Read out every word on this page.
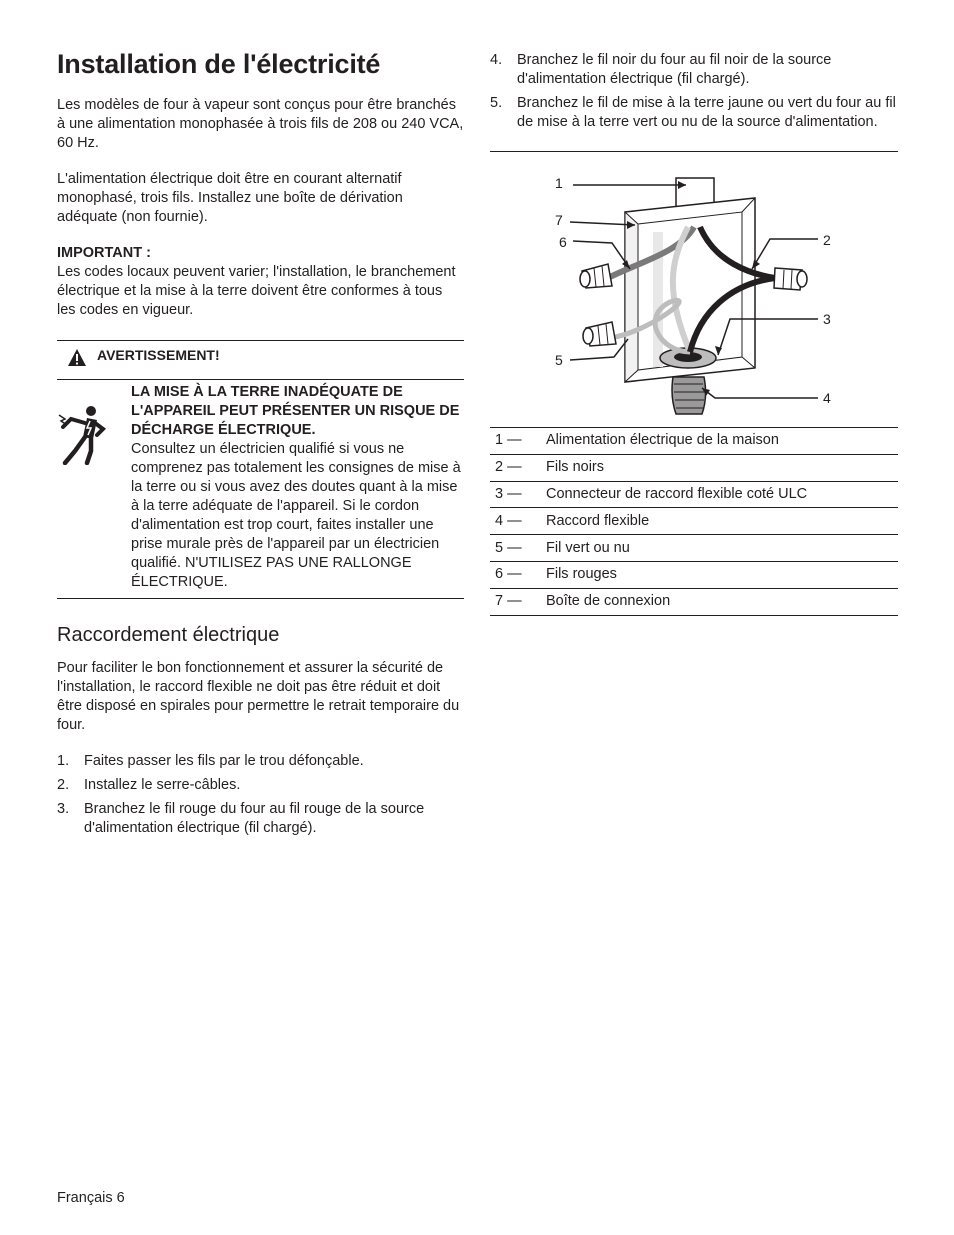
Installation de l'électricité

Les modèles de four à vapeur sont conçus pour être branchés à une alimentation monophasée à trois fils de 208 ou 240 VCA, 60 Hz.

L'alimentation électrique doit être en courant alternatif monophasé, trois fils. Installez une boîte de dérivation adéquate (non fournie).

IMPORTANT :

Les codes locaux peuvent varier; l'installation, le branchement électrique et la mise à la terre doivent être conformes à tous les codes en vigueur.

AVERTISSEMENT!

LA MISE À LA TERRE INADÉQUATE DE L'APPAREIL PEUT PRÉSENTER UN RISQUE DE DÉCHARGE ÉLECTRIQUE.

Consultez un électricien qualifié si vous ne comprenez pas totalement les consignes de mise à la terre ou si vous avez des doutes quant à la mise à la terre adéquate de l'appareil. Si le cordon d'alimentation est trop court, faites installer une prise murale près de l'appareil par un électricien qualifié. N'UTILISEZ PAS UNE RALLONGE ÉLECTRIQUE.

Raccordement électrique

Pour faciliter le bon fonctionnement et assurer la sécurité de l'installation, le raccord flexible ne doit pas être réduit et doit être disposé en spirales pour permettre le retrait temporaire du four.

1.	Faites passer les fils par le trou défonçable.
2.	Installez le serre-câbles.
3.	Branchez le fil rouge du four au fil rouge de la source d'alimentation électrique (fil chargé).
4.	Branchez le fil noir du four au fil noir de la source d'alimentation électrique (fil chargé).
5.	Branchez le fil de mise à la terre jaune ou vert du four au fil de mise à la terre vert ou nu de la source d'alimentation.
1
7
6
5
2
3
4
1 —	Alimentation électrique de la maison
2 —	Fils noirs
3 —	Connecteur de raccord flexible coté ULC
4 —	Raccord flexible
5 —	Fil vert ou nu
6 —	Fils rouges
7 —	Boîte de connexion
Français 6
